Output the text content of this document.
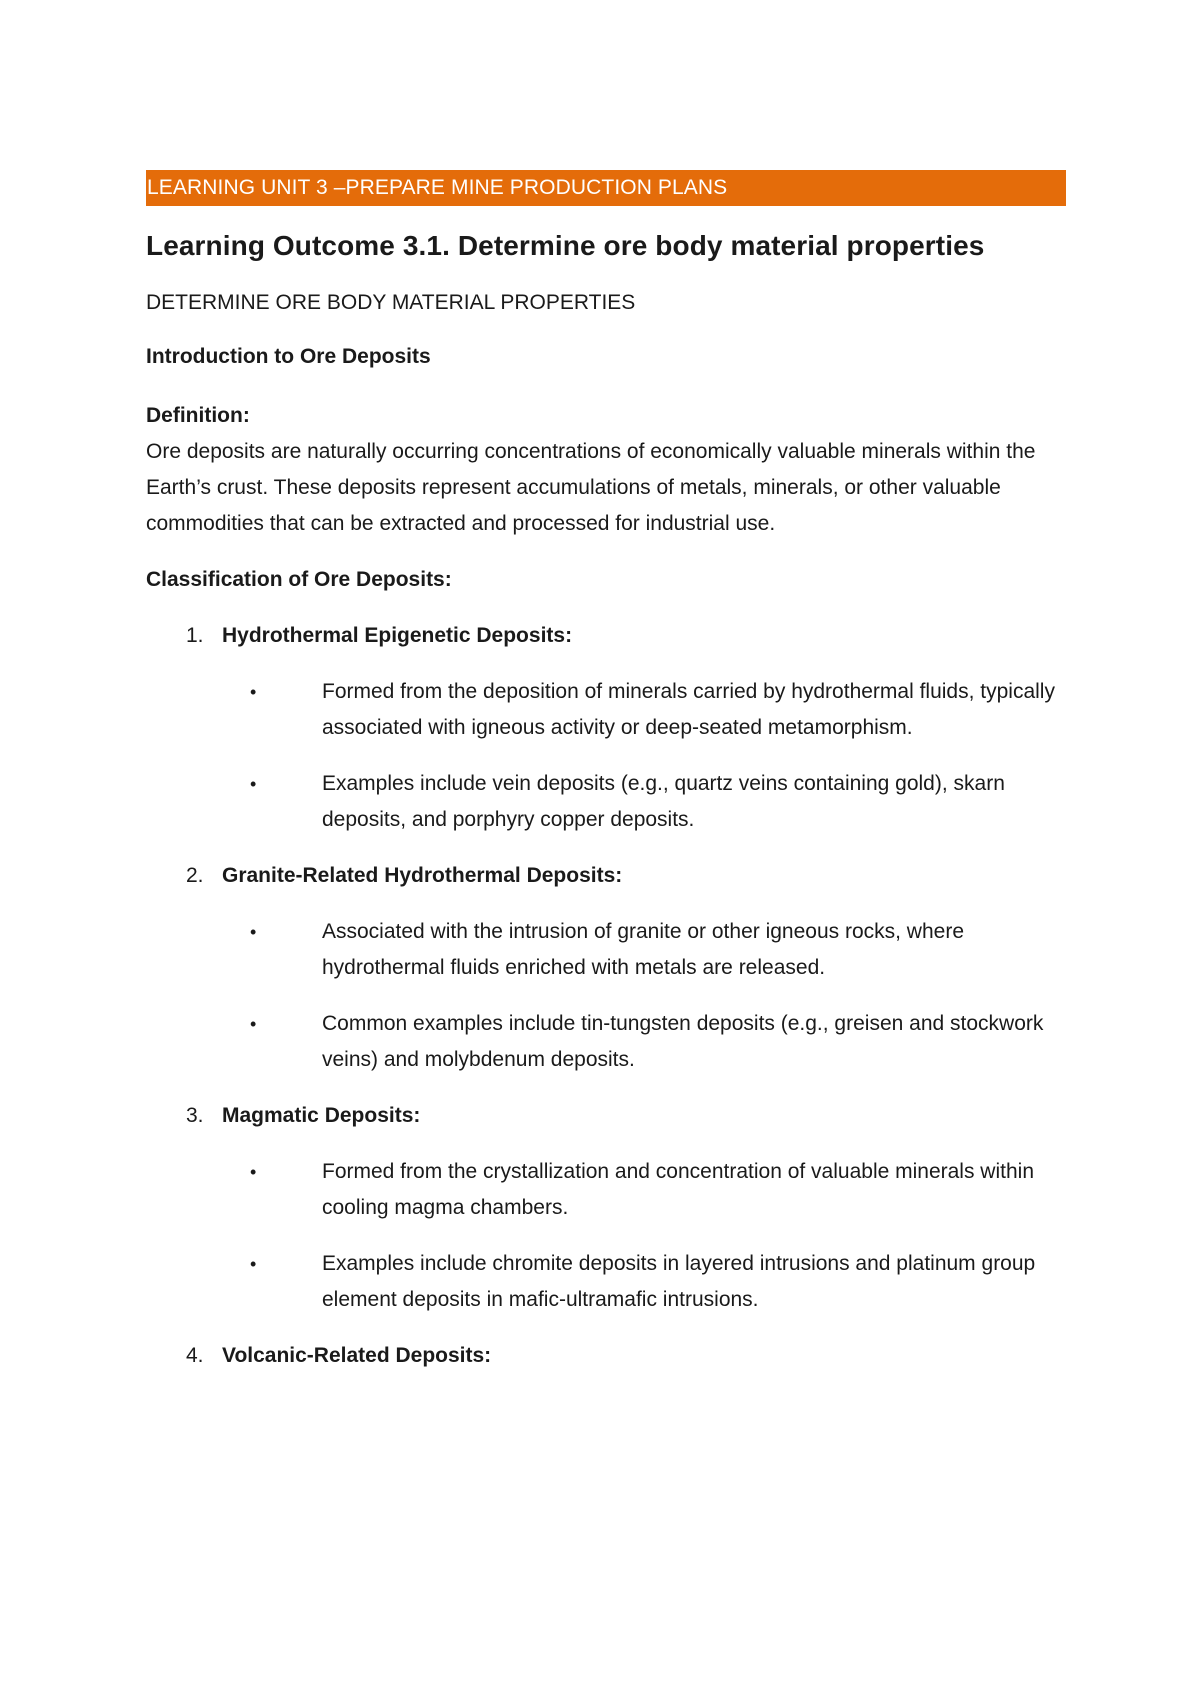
LEARNING UNIT 3 –PREPARE MINE PRODUCTION PLANS
Learning Outcome 3.1. Determine ore body material properties
DETERMINE ORE BODY MATERIAL PROPERTIES
Introduction to Ore Deposits
Definition:
Ore deposits are naturally occurring concentrations of economically valuable minerals within the Earth’s crust. These deposits represent accumulations of metals, minerals, or other valuable commodities that can be extracted and processed for industrial use.
Classification of Ore Deposits:
1. Hydrothermal Epigenetic Deposits:
•	Formed from the deposition of minerals carried by hydrothermal fluids, typically associated with igneous activity or deep-seated metamorphism.
•	Examples include vein deposits (e.g., quartz veins containing gold), skarn deposits, and porphyry copper deposits.
2. Granite-Related Hydrothermal Deposits:
•	Associated with the intrusion of granite or other igneous rocks, where hydrothermal fluids enriched with metals are released.
•	Common examples include tin-tungsten deposits (e.g., greisen and stockwork veins) and molybdenum deposits.
3. Magmatic Deposits:
•	Formed from the crystallization and concentration of valuable minerals within cooling magma chambers.
•	Examples include chromite deposits in layered intrusions and platinum group element deposits in mafic-ultramafic intrusions.
4. Volcanic-Related Deposits:
